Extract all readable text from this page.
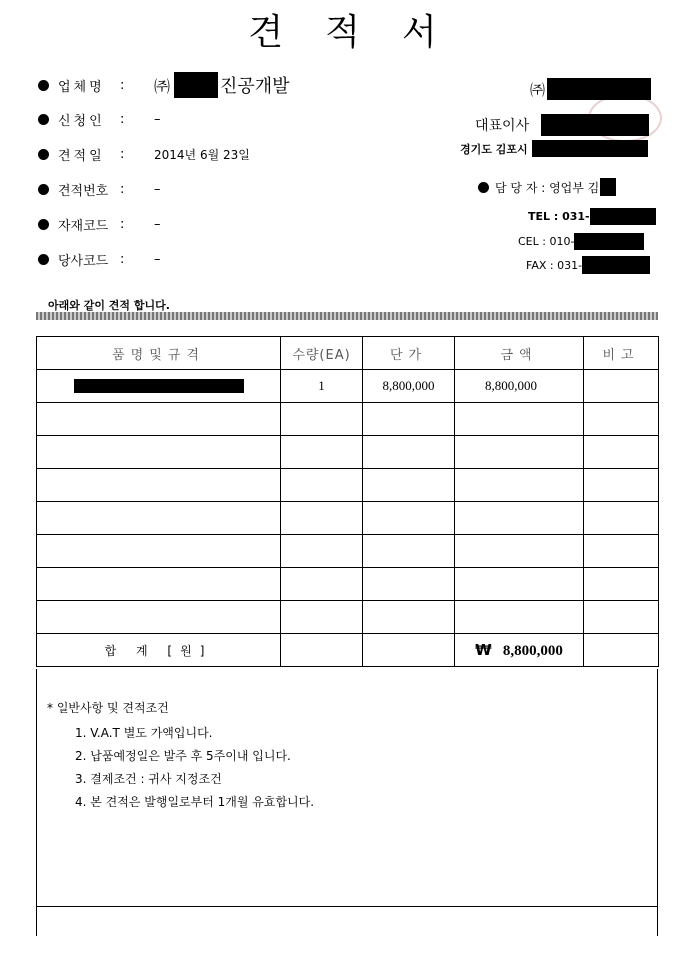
견적서
업체명	:	㈜	진공개발
신청인	:	–
견적일	:	2014년 6월 23일
견적번호 :	–
자재코드 :	–
당사코드 :	–
㈜
대표이사
경기도 김포시
담 당 자 : 영업부 김
TEL : 031-
CEL : 010-
FAX : 031-
아래와 같이 견적 합니다.
품명및규격	수량(EA)	단가	금액	비고
	1	8,800,000	8,800,000	

합 계 [원]			₩ 8,800,000	
* 일반사항 및 견적조건
1. V.A.T 별도 가액입니다.
2. 납품예정일은 발주 후 5주이내 입니다.
3. 결제조건 : 귀사 지정조건
4. 본 견적은 발행일로부터 1개월 유효합니다.
